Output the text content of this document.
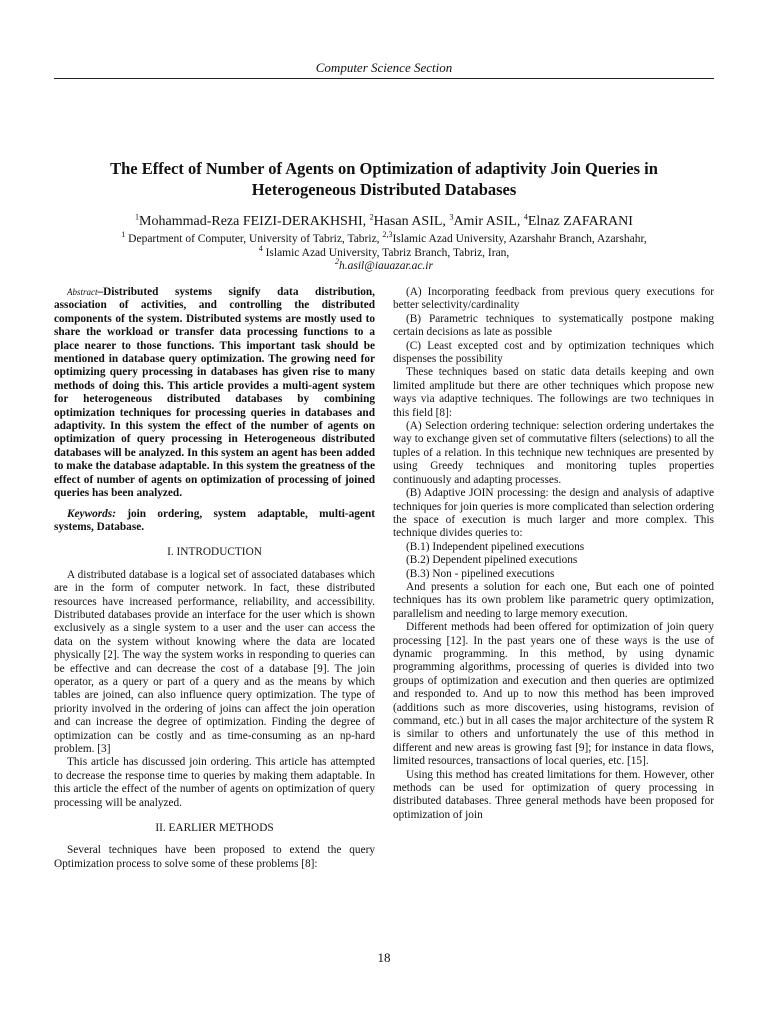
Computer Science Section
The Effect of Number of Agents on Optimization of adaptivity Join Queries in
Heterogeneous Distributed Databases
$^1$Mohammad-Reza FEIZI-DERAKHSHI, $^2$Hasan ASIL, $^3$Amir ASIL, $^4$Elnaz ZAFARANI
$^1$ Department of Computer, University of Tabriz, Tabriz, $^{2,3}$Islamic Azad University, Azarshahr Branch, Azarshahr,
$^4$ Islamic Azad University, Tabriz Branch, Tabriz, Iran,
$^2$h.asil@iauazar.ac.ir

Abstract–Distributed systems signify data distribution, association of activities, and controlling the distributed components of the system. Distributed systems are mostly used to share the workload or transfer data processing functions to a place nearer to those functions. This important task should be mentioned in database query optimization. The growing need for optimizing query processing in databases has given rise to many methods of doing this. This article provides a multi-agent system for heterogeneous distributed databases by combining optimization techniques for processing queries in databases and adaptivity. In this system the effect of the number of agents on optimization of query processing in Heterogeneous distributed databases will be analyzed. In this system an agent has been added to make the database adaptable. In this system the greatness of the effect of number of agents on optimization of processing of joined queries has been analyzed.

Keywords: join ordering, system adaptable, multi-agent systems, Database.

I. INTRODUCTION

A distributed database is a logical set of associated databases which are in the form of computer network. In fact, these distributed resources have increased performance, reliability, and accessibility. Distributed databases provide an interface for the user which is shown exclusively as a single system to a user and the user can access the data on the system without knowing where the data are located physically [2]. The way the system works in responding to queries can be effective and can decrease the cost of a database [9]. The join operator, as a query or part of a query and as the means by which tables are joined, can also influence query optimization. The type of priority involved in the ordering of joins can affect the join operation and can increase the degree of optimization. Finding the degree of optimization can be costly and as time-consuming as an np-hard problem. [3]

This article has discussed join ordering. This article has attempted to decrease the response time to queries by making them adaptable. In this article the effect of the number of agents on optimization of query processing will be analyzed.

II. EARLIER METHODS

Several techniques have been proposed to extend the query Optimization process to solve some of these problems [8]:

(A) Incorporating feedback from previous query executions for better selectivity/cardinality

(B) Parametric techniques to systematically postpone making certain decisions as late as possible

(C) Least excepted cost and by optimization techniques which dispenses the possibility

These techniques based on static data details keeping and own limited amplitude but there are other techniques which propose new ways via adaptive techniques. The followings are two techniques in this field [8]:

(A) Selection ordering technique: selection ordering undertakes the way to exchange given set of commutative filters (selections) to all the tuples of a relation. In this technique new techniques are presented by using Greedy techniques and monitoring tuples properties continuously and adapting processes.

(B) Adaptive JOIN processing: the design and analysis of adaptive techniques for join queries is more complicated than selection ordering the space of execution is much larger and more complex. This technique divides queries to:

(B.1) Independent pipelined executions

(B.2) Dependent pipelined executions

(B.3) Non - pipelined executions

And presents a solution for each one, But each one of pointed techniques has its own problem like parametric query optimization, parallelism and needing to large memory execution.

Different methods had been offered for optimization of join query processing [12]. In the past years one of these ways is the use of dynamic programming. In this method, by using dynamic programming algorithms, processing of queries is divided into two groups of optimization and execution and then queries are optimized and responded to. And up to now this method has been improved (additions such as more discoveries, using histograms, revision of command, etc.) but in all cases the major architecture of the system R is similar to others and unfortunately the use of this method in different and new areas is growing fast [9]; for instance in data flows, limited resources, transactions of local queries, etc. [15].

Using this method has created limitations for them. However, other methods can be used for optimization of query processing in distributed databases. Three general methods have been proposed for optimization of join

18
